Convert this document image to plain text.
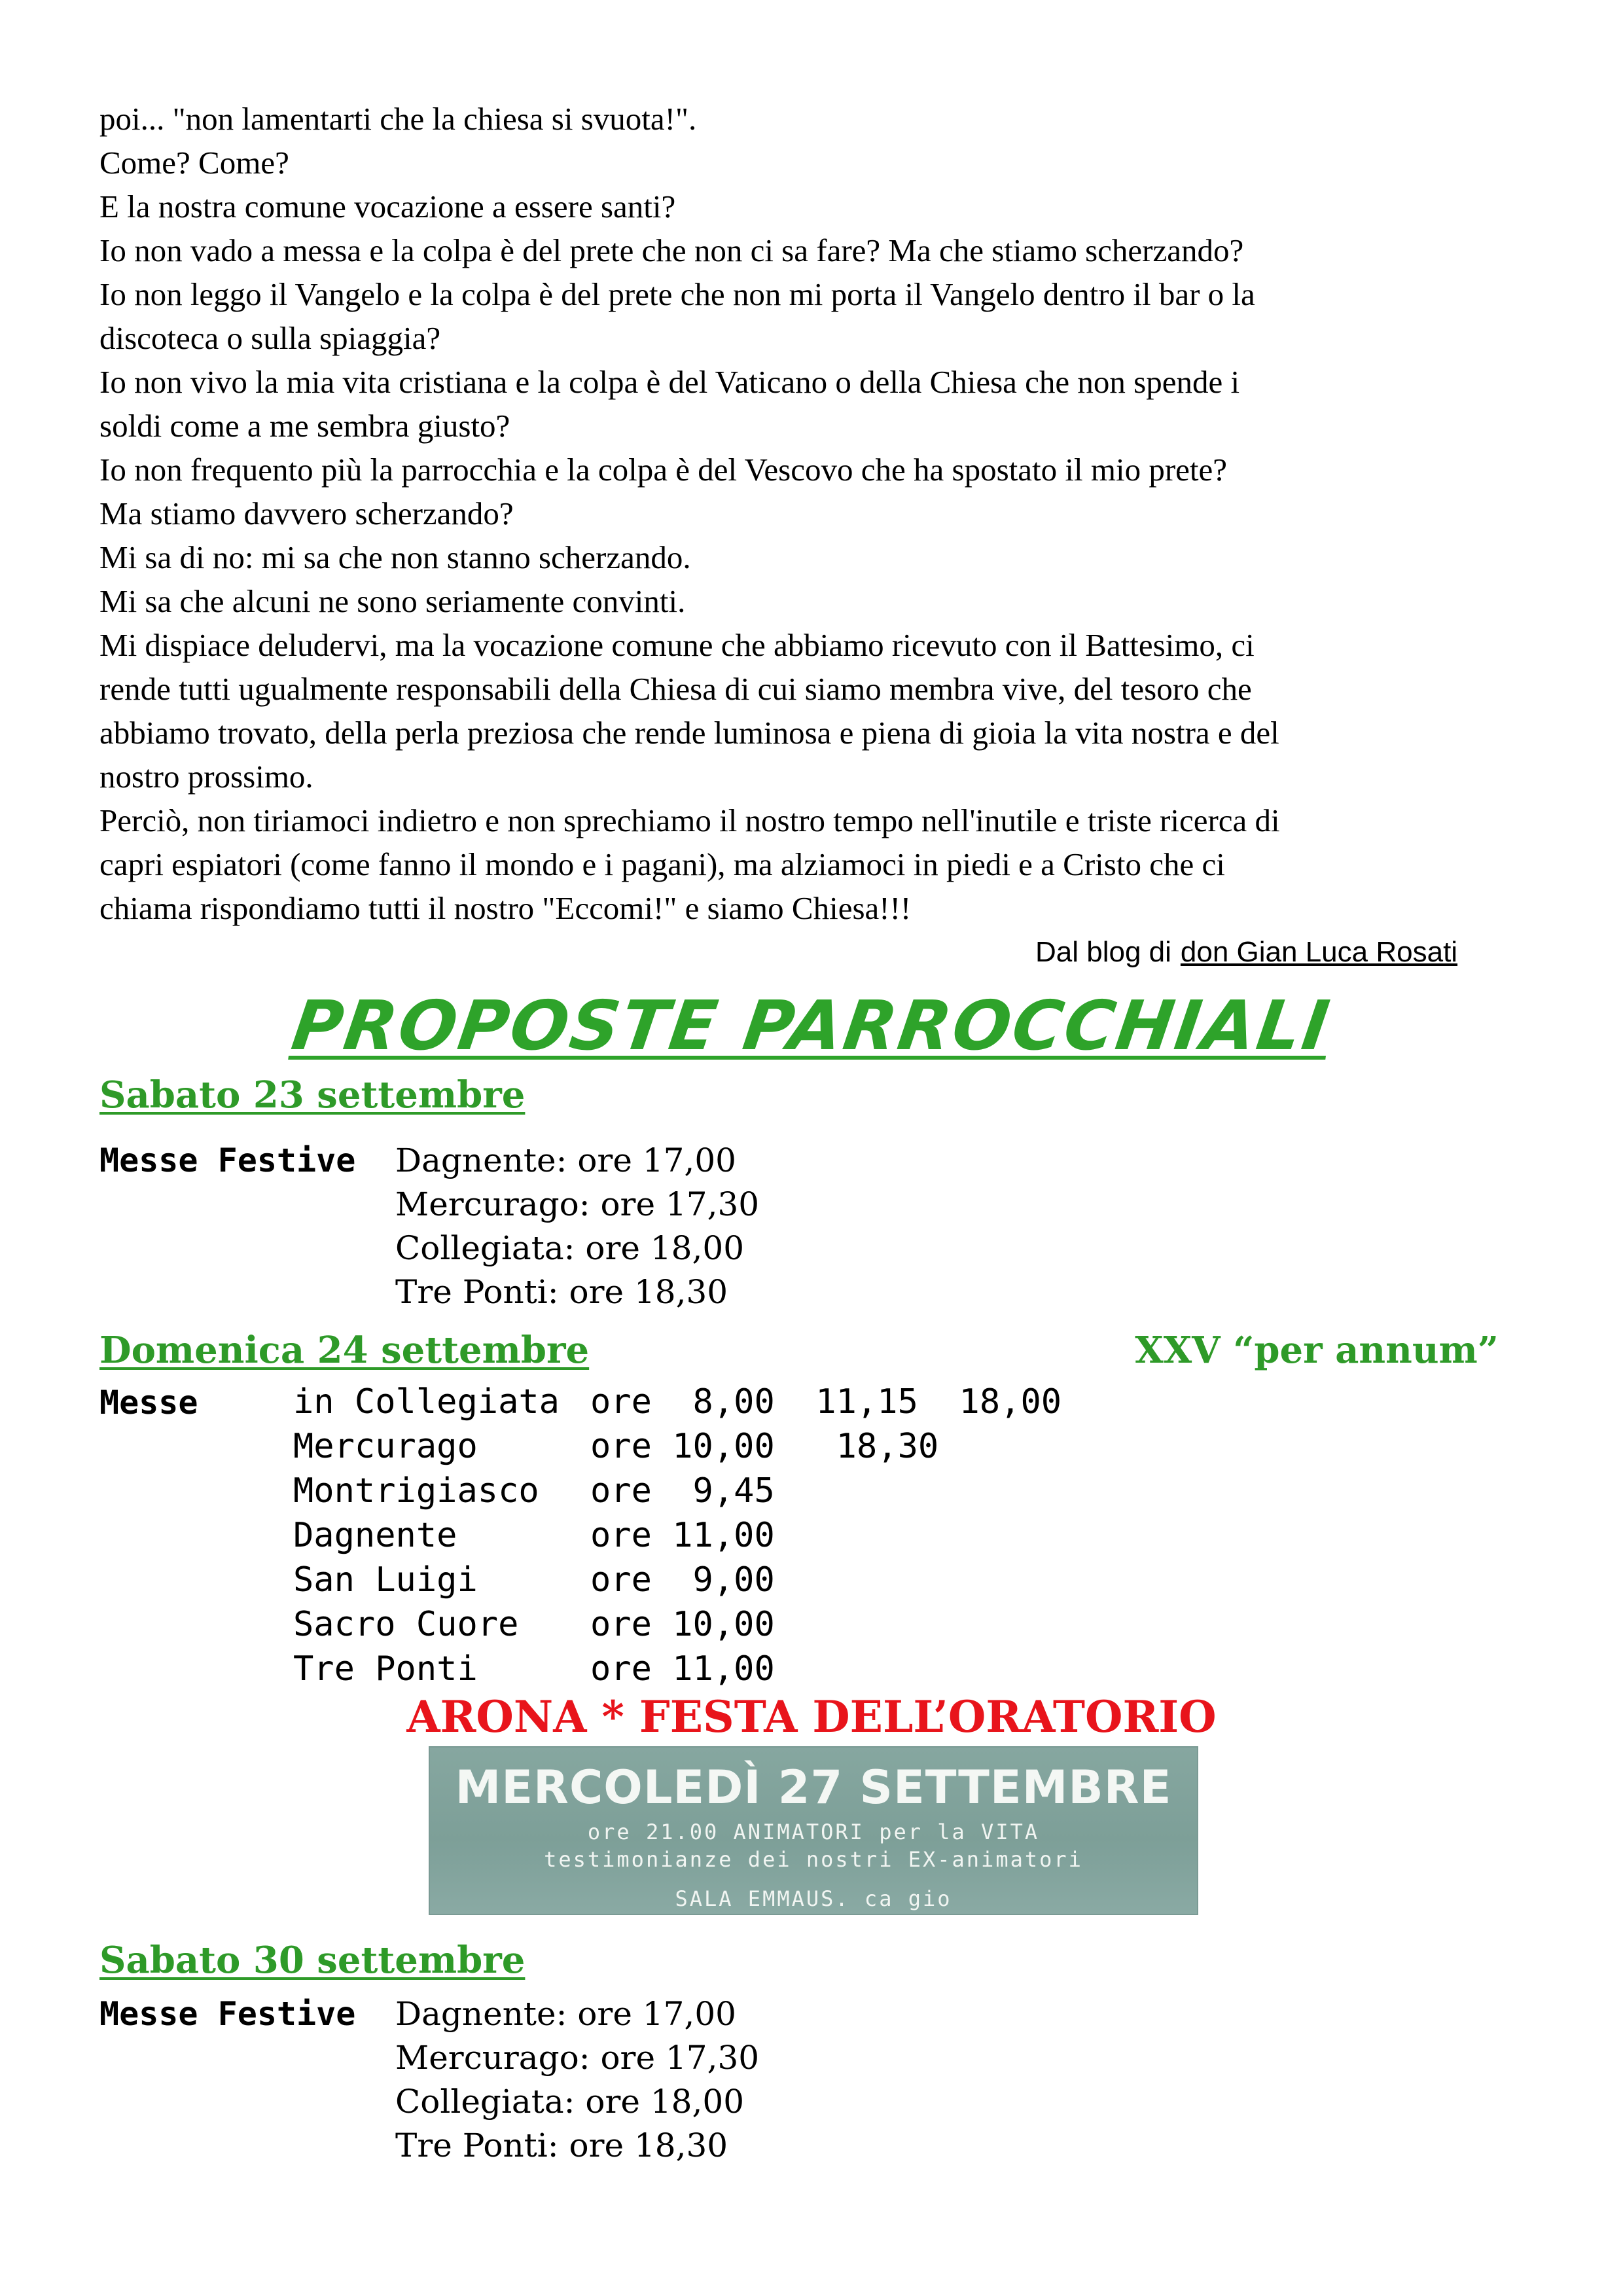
poi... "non lamentarti che la chiesa si svuota!".
Come? Come?
E la nostra comune vocazione a essere santi?
Io non vado a messa e la colpa è del prete che non ci sa fare? Ma che stiamo scherzando?
Io non leggo il Vangelo e la colpa è del prete che non mi porta il Vangelo dentro il bar o la
discoteca o sulla spiaggia?
Io non vivo la mia vita cristiana e la colpa è del Vaticano o della Chiesa che non spende i
soldi come a me sembra giusto?
Io non frequento più la parrocchia e la colpa è del Vescovo che ha spostato il mio prete?
Ma stiamo davvero scherzando?
Mi sa di no: mi sa che non stanno scherzando.
Mi sa che alcuni ne sono seriamente convinti.
Mi dispiace deludervi, ma la vocazione comune che abbiamo ricevuto con il Battesimo, ci
rende tutti ugualmente responsabili della Chiesa di cui siamo membra vive, del tesoro che
abbiamo trovato, della perla preziosa che rende luminosa e piena di gioia la vita nostra e del
nostro prossimo.
Perciò, non tiriamoci indietro e non sprechiamo il nostro tempo nell'inutile e triste ricerca di
capri espiatori (come fanno il mondo e i pagani), ma alziamoci in piedi e a Cristo che ci
chiama rispondiamo tutti il nostro "Eccomi!" e siamo Chiesa!!!

Dal blog di don Gian Luca Rosati
PROPOSTE PARROCCHIALI
Sabato 23 settembre
Messe Festive Dagnente: ore 17,00
Mercurago: ore 17,30
Collegiata: ore 18,00
Tre Ponti: ore 18,30
Domenica 24 settembre	XXV “per annum”
Messe	in Collegiata ore  8,00  11,15  18,00
Mercurago	ore 10,00   18,30
Montrigiasco ore  9,45
Dagnente	ore 11,00
San Luigi	ore  9,00
Sacro Cuore ore 10,00
Tre Ponti	ore 11,00
ARONA * FESTA DELL’ORATORIO
MERCOLEDÌ 27 SETTEMBRE
ore 21.00 ANIMATORI per la VITA
testimonianze dei nostri EX-animatori
SALA EMMAUS. ca gio
Sabato 30 settembre
Messe Festive Dagnente: ore 17,00
Mercurago: ore 17,30
Collegiata: ore 18,00
Tre Ponti: ore 18,30
